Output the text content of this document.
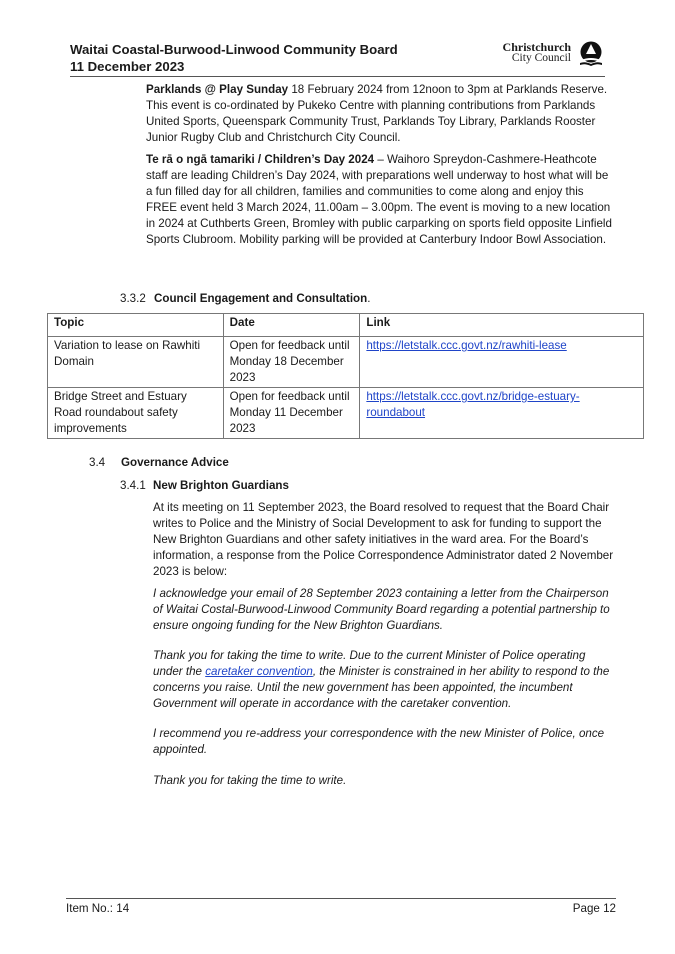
Waitai Coastal-Burwood-Linwood Community Board
11 December 2023
Christchurch
City Council

Parklands @ Play Sunday 18 February 2024 from 12noon to 3pm at Parklands Reserve. This event is co-ordinated by Pukeko Centre with planning contributions from Parklands United Sports, Queenspark Community Trust, Parklands Toy Library, Parklands Rooster Junior Rugby Club and Christchurch City Council.

Te rā o ngā tamariki / Children’s Day 2024 – Waihoro Spreydon-Cashmere-Heathcote staff are leading Children’s Day 2024, with preparations well underway to host what will be a fun filled day for all children, families and communities to come along and enjoy this FREE event held 3 March 2024, 11.00am – 3.00pm. The event is moving to a new location in 2024 at Cuthberts Green, Bromley with public carparking on sports field opposite Linfield Sports Clubroom. Mobility parking will be provided at Canterbury Indoor Bowl Association.

3.3.2 Council Engagement and Consultation.
Topic	Date	Link
Variation to lease on Rawhiti Domain	Open for feedback until Monday 18 December 2023	https://letstalk.ccc.govt.nz/rawhiti-lease
Bridge Street and Estuary Road roundabout safety improvements	Open for feedback until Monday 11 December 2023	https://letstalk.ccc.govt.nz/bridge-estuary-roundabout
3.4 Governance Advice
3.4.1 New Brighton Guardians

At its meeting on 11 September 2023, the Board resolved to request that the Board Chair writes to Police and the Ministry of Social Development to ask for funding to support the New Brighton Guardians and other safety initiatives in the ward area. For the Board’s information, a response from the Police Correspondence Administrator dated 2 November 2023 is below:

I acknowledge your email of 28 September 2023 containing a letter from the Chairperson of Waitai Costal-Burwood-Linwood Community Board regarding a potential partnership to ensure ongoing funding for the New Brighton Guardians.

Thank you for taking the time to write. Due to the current Minister of Police operating under the caretaker convention, the Minister is constrained in her ability to respond to the concerns you raise. Until the new government has been appointed, the incumbent Government will operate in accordance with the caretaker convention.

I recommend you re-address your correspondence with the new Minister of Police, once appointed.

Thank you for taking the time to write.

Item No.: 14	Page 12
